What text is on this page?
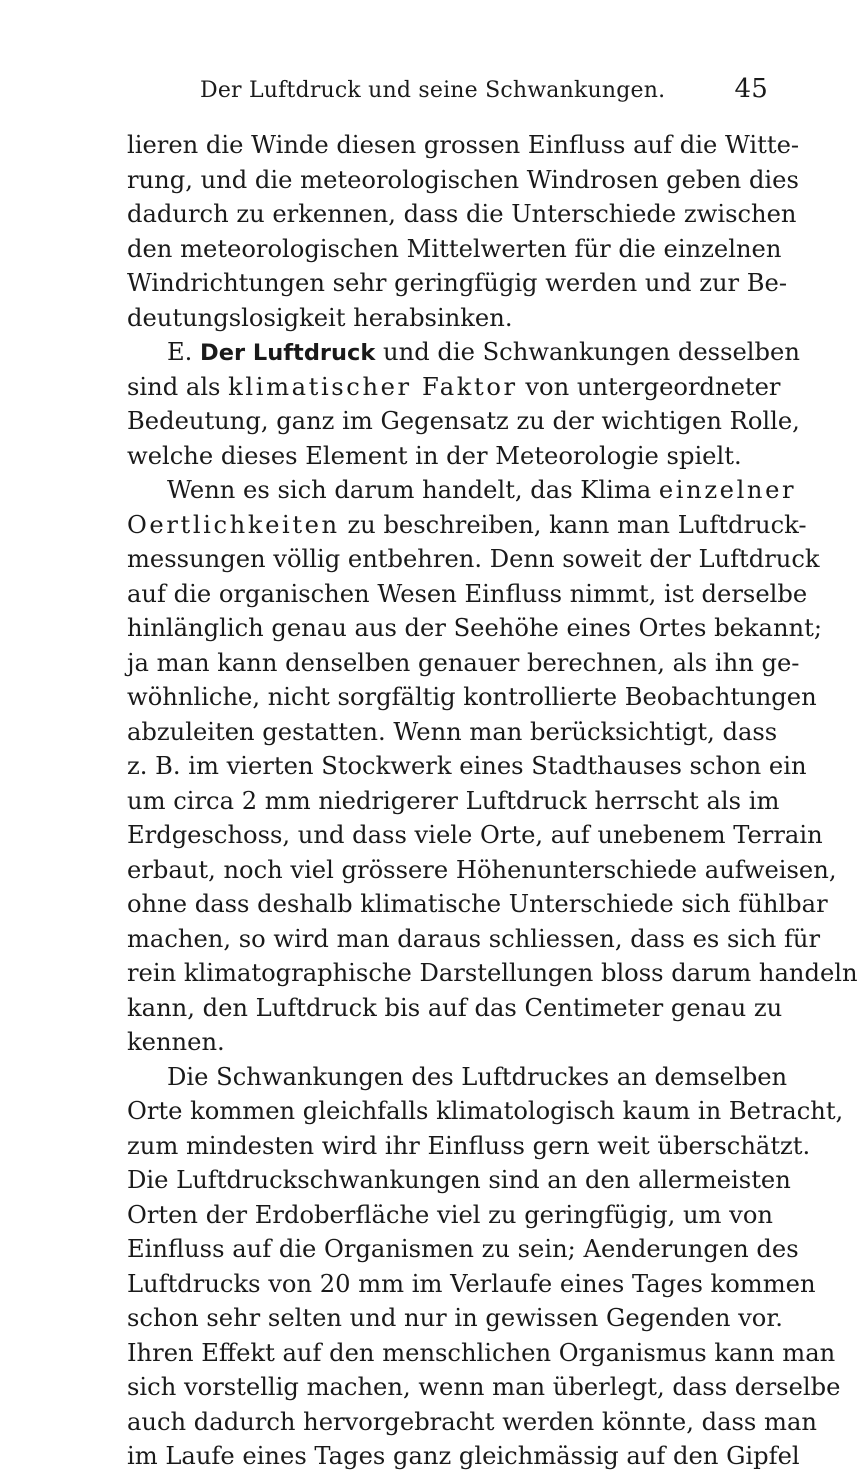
Der Luftdruck und seine Schwankungen.	45
lieren die Winde diesen grossen Einfluss auf die Witte-
rung, und die meteorologischen Windrosen geben dies
dadurch zu erkennen, dass die Unterschiede zwischen
den meteorologischen Mittelwerten für die einzelnen
Windrichtungen sehr geringfügig werden und zur Be-
deutungslosigkeit herabsinken.
E. Der Luftdruck und die Schwankungen desselben
sind als klimatischer Faktor von untergeordneter
Bedeutung, ganz im Gegensatz zu der wichtigen Rolle,
welche dieses Element in der Meteorologie spielt.
Wenn es sich darum handelt, das Klima einzelner
Oertlichkeiten zu beschreiben, kann man Luftdruck-
messungen völlig entbehren. Denn soweit der Luftdruck
auf die organischen Wesen Einfluss nimmt, ist derselbe
hinlänglich genau aus der Seehöhe eines Ortes bekannt;
ja man kann denselben genauer berechnen, als ihn ge-
wöhnliche, nicht sorgfältig kontrollierte Beobachtungen
abzuleiten gestatten. Wenn man berücksichtigt, dass
z. B. im vierten Stockwerk eines Stadthauses schon ein
um circa 2 mm niedrigerer Luftdruck herrscht als im
Erdgeschoss, und dass viele Orte, auf unebenem Terrain
erbaut, noch viel grössere Höhenunterschiede aufweisen,
ohne dass deshalb klimatische Unterschiede sich fühlbar
machen, so wird man daraus schliessen, dass es sich für
rein klimatographische Darstellungen bloss darum handeln
kann, den Luftdruck bis auf das Centimeter genau zu
kennen.
Die Schwankungen des Luftdruckes an demselben
Orte kommen gleichfalls klimatologisch kaum in Betracht,
zum mindesten wird ihr Einfluss gern weit überschätzt.
Die Luftdruckschwankungen sind an den allermeisten
Orten der Erdoberfläche viel zu geringfügig, um von
Einfluss auf die Organismen zu sein; Aenderungen des
Luftdrucks von 20 mm im Verlaufe eines Tages kommen
schon sehr selten und nur in gewissen Gegenden vor.
Ihren Effekt auf den menschlichen Organismus kann man
sich vorstellig machen, wenn man überlegt, dass derselbe
auch dadurch hervorgebracht werden könnte, dass man
im Laufe eines Tages ganz gleichmässig auf den Gipfel
